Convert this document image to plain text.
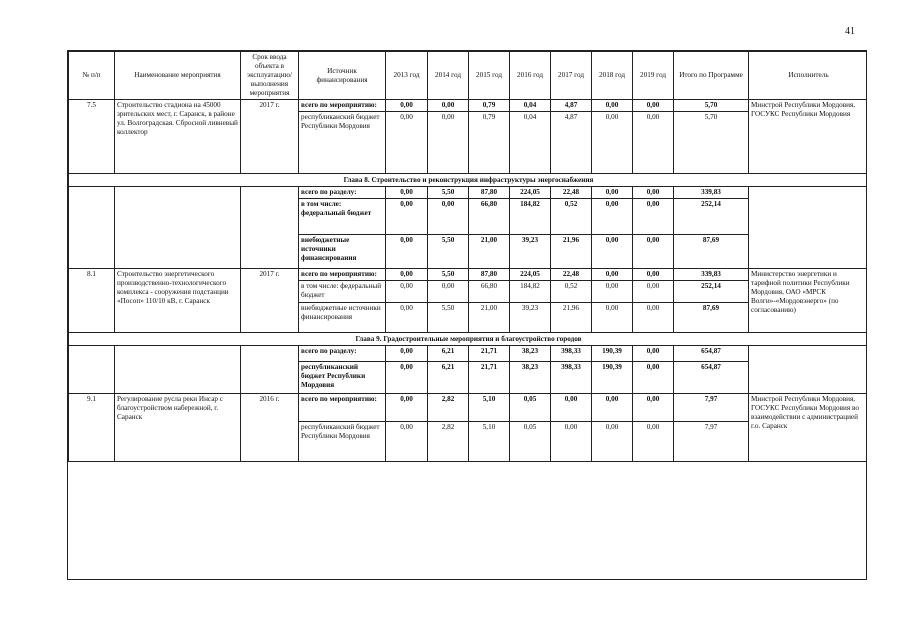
41
№ п/п	Наименование мероприятия	Срок ввода объекта в эксплуатацию/ выполнения мероприятия	Источник финансирования	2013 год	2014 год	2015 год	2016 год	2017 год	2018 год	2019 год	Итого по Программе	Исполнитель
7.5	Строительство стадиона на 45000 зрительских мест, г. Саранск, в районе ул. Волгоградская. Сбросной ливневый коллектор	2017 г.	всего по мероприятию:	0,00	0,00	0,79	0,04	4,87	0,00	0,00	5,70	Минстрой Республики Мордовия, ГОСУКС Республики Мордовия
			республиканский бюджет Республики Мордовия	0,00	0,00	0,79	0,04	4,87	0,00	0,00	5,70	
Глава 8. Строительство и реконструкция инфраструктуры энергоснабжения												
			всего по разделу:	0,00	5,50	87,80	224,05	22,48	0,00	0,00	339,83	
			в том числе: федеральный бюджет	0,00	0,00	66,80	184,82	0,52	0,00	0,00	252,14	
			внебюджетные источники финансирования	0,00	5,50	21,00	39,23	21,96	0,00	0,00	87,69	
8.1	Строительство энергетического производственно-технологического комплекса - сооружения подстанции «Посоп» 110/10 кВ, г. Саранск	2017 г.	всего по мероприятию:	0,00	5,50	87,80	224,05	22,48	0,00	0,00	339,83	Министерство энергетики и тарифной политики Республики Мордовия, ОАО «МРСК Волги»-«Мордовэнерго» (по согласованию)
			в том числе: федеральный бюджет	0,00	0,00	66,80	184,82	0,52	0,00	0,00	252,14	
			внебюджетные источники финансирования	0,00	5,50	21,00	39,23	21,96	0,00	0,00	87,69	
Глава 9. Градостроительные мероприятия и благоустройство городов												
			всего по разделу:	0,00	6,21	21,71	38,23	398,33	190,39	0,00	654,87	
			республиканский бюджет Республики Мордовия	0,00	6,21	21,71	38,23	398,33	190,39	0,00	654,87	
9.1	Регулирование русла реки Инсар с благоустройством набережной, г. Саранск	2016 г.	всего по мероприятию:	0,00	2,82	5,10	0,05	0,00	0,00	0,00	7,97	Минстрой Республики Мордовия, ГОСУКС Республики Мордовия во взаимодействии с администрацией г.о. Саранск
			республиканский бюджет Республики Мордовия	0,00	2,82	5,10	0,05	0,00	0,00	0,00	7,97	
